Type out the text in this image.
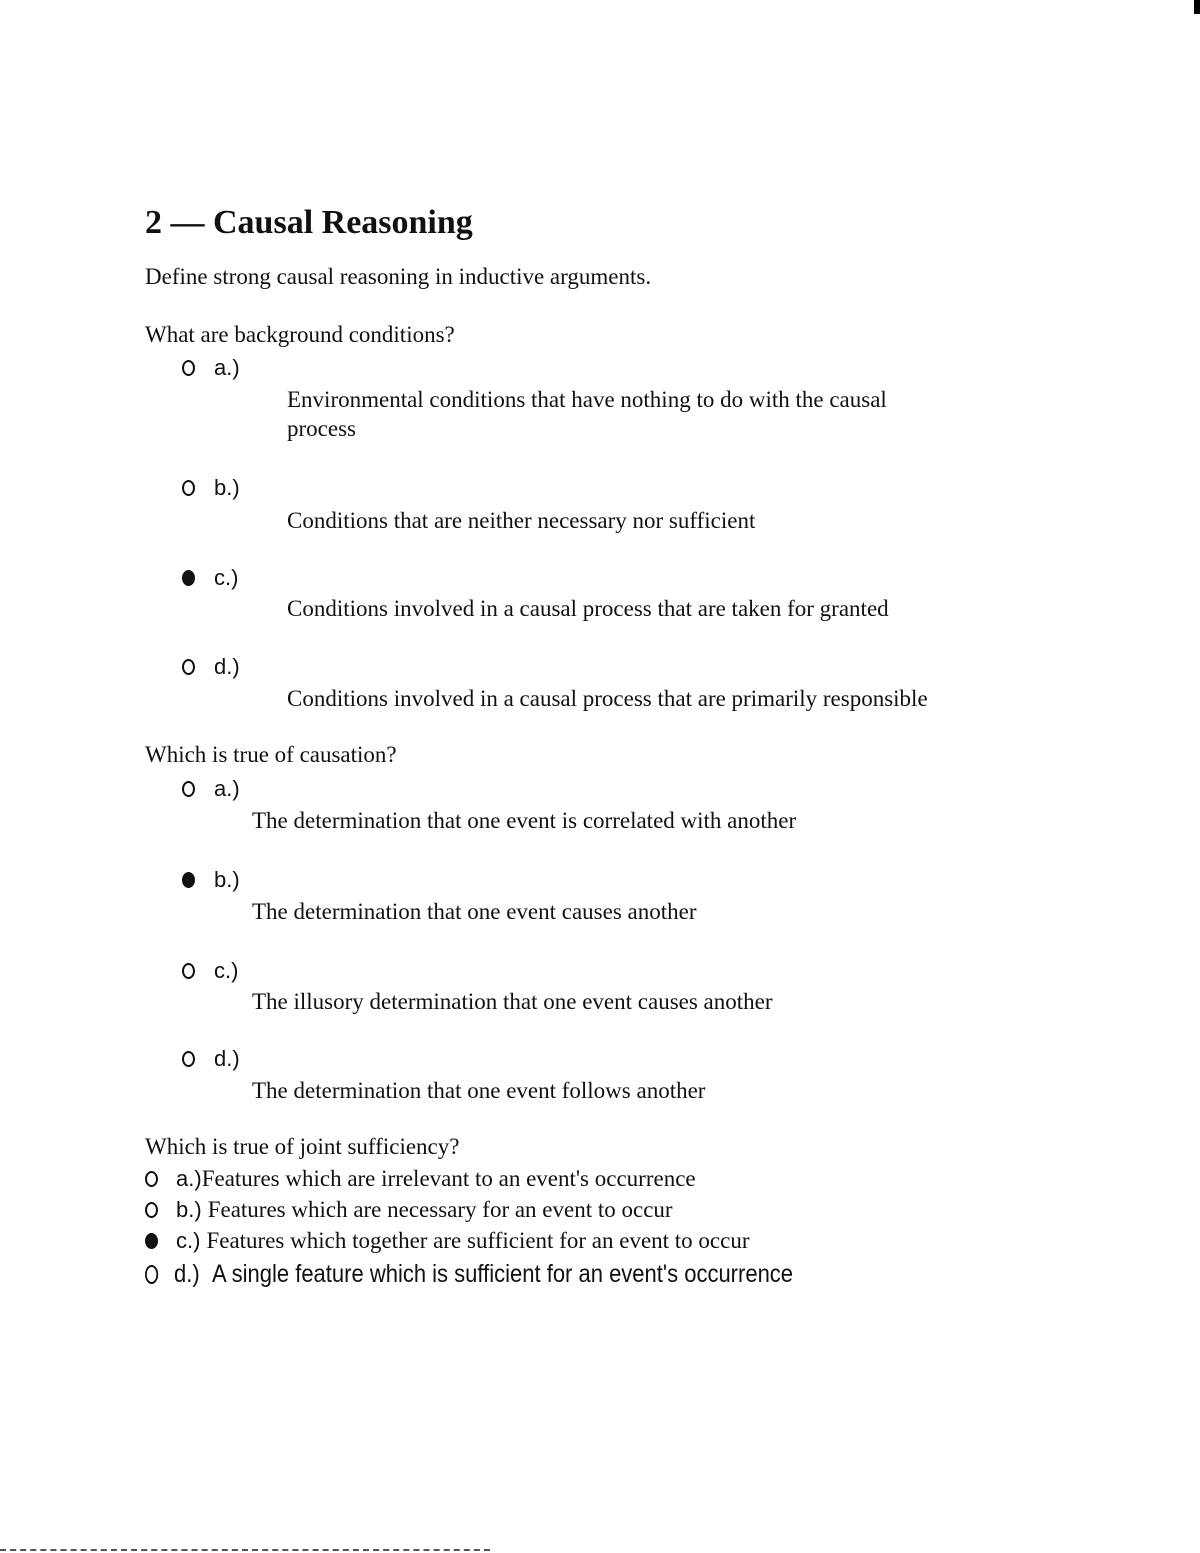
2 — Causal Reasoning

Define strong causal reasoning in inductive arguments.

What are background conditions?

a.)
Environmental conditions that have nothing to do with the causal
process
b.)
Conditions that are neither necessary nor sufficient
c.)
Conditions involved in a causal process that are taken for granted
d.)
Conditions involved in a causal process that are primarily responsible

Which is true of causation?

a.)
The determination that one event is correlated with another
b.)
The determination that one event causes another
c.)
The illusory determination that one event causes another
d.)
The determination that one event follows another

Which is true of joint sufficiency?

a.) Features which are irrelevant to an event's occurrence
b.) Features which are necessary for an event to occur
c.) Features which together are sufficient for an event to occur
d.) A single feature which is sufficient for an event's occurrence
